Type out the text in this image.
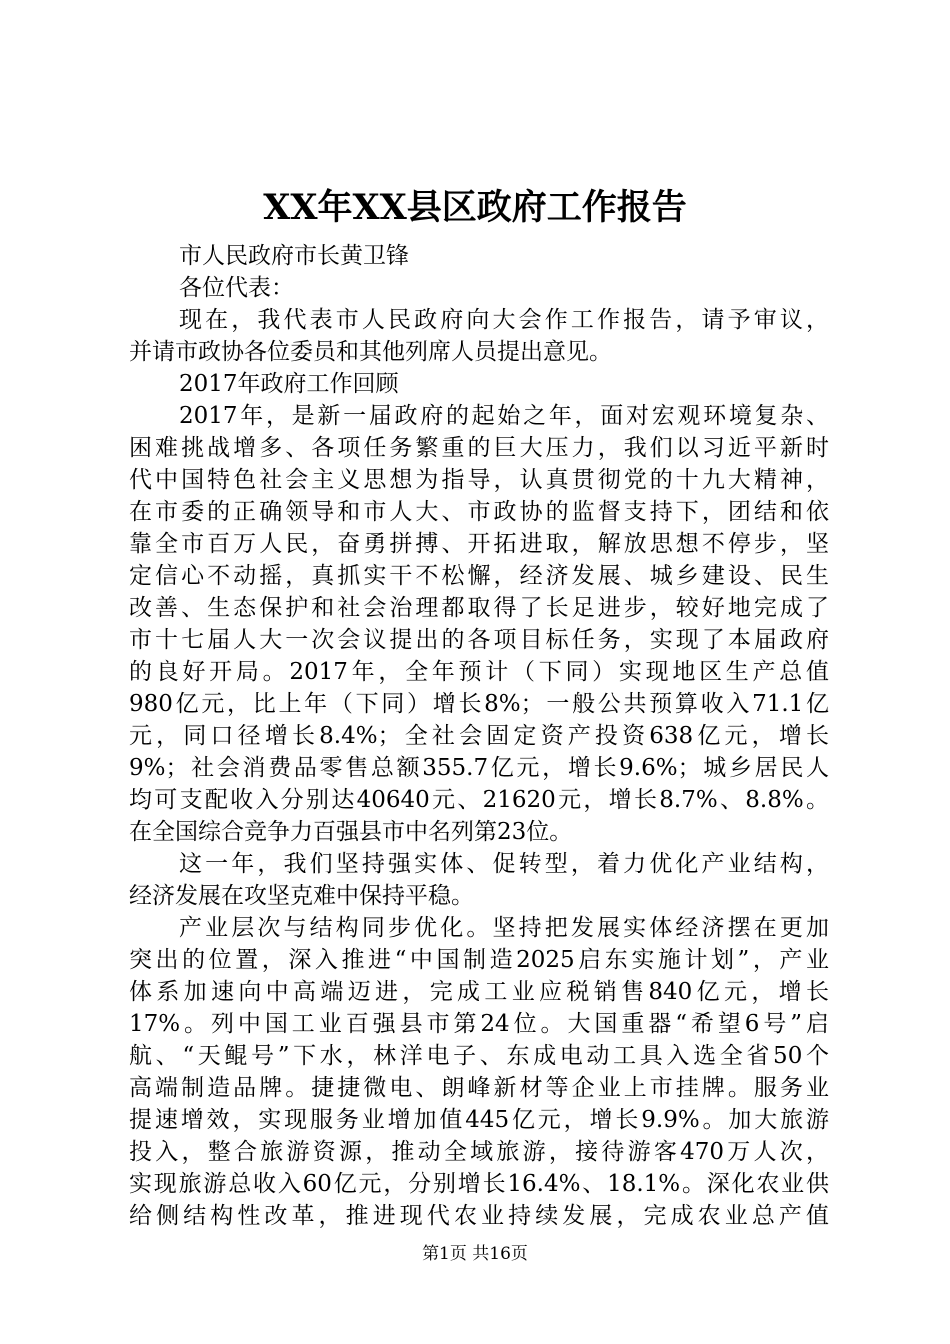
XX年XX县区政府工作报告
市人民政府市长黄卫锋
各位代表：
现在，我代表市人民政府向大会作工作报告，请予审议，
并请市政协各位委员和其他列席人员提出意见。
2017年政府工作回顾
2017年，是新一届政府的起始之年，面对宏观环境复杂、
困难挑战增多、各项任务繁重的巨大压力，我们以习近平新时
代中国特色社会主义思想为指导，认真贯彻党的十九大精神，
在市委的正确领导和市人大、市政协的监督支持下，团结和依
靠全市百万人民，奋勇拼搏、开拓进取，解放思想不停步，坚
定信心不动摇，真抓实干不松懈，经济发展、城乡建设、民生
改善、生态保护和社会治理都取得了长足进步，较好地完成了
市十七届人大一次会议提出的各项目标任务，实现了本届政府
的良好开局。2017年，全年预计（下同）实现地区生产总值
980亿元，比上年（下同）增长8%；一般公共预算收入71.1亿
元，同口径增长8.4%；全社会固定资产投资638亿元，增长
9%；社会消费品零售总额355.7亿元，增长9.6%；城乡居民人
均可支配收入分别达40640元、21620元，增长8.7%、8.8%。
在全国综合竞争力百强县市中名列第23位。
这一年，我们坚持强实体、促转型，着力优化产业结构，
经济发展在攻坚克难中保持平稳。
产业层次与结构同步优化。坚持把发展实体经济摆在更加
突出的位置，深入推进“中国制造2025启东实施计划”，产业
体系加速向中高端迈进，完成工业应税销售840亿元，增长
17%。列中国工业百强县市第24位。大国重器“希望6号”启
航、“天鲲号”下水，林洋电子、东成电动工具入选全省50个
高端制造品牌。捷捷微电、朗峰新材等企业上市挂牌。服务业
提速增效，实现服务业增加值445亿元，增长9.9%。加大旅游
投入，整合旅游资源，推动全域旅游，接待游客470万人次，
实现旅游总收入60亿元，分别增长16.4%、18.1%。深化农业供
给侧结构性改革，推进现代农业持续发展，完成农业总产值
第1页 共16页
